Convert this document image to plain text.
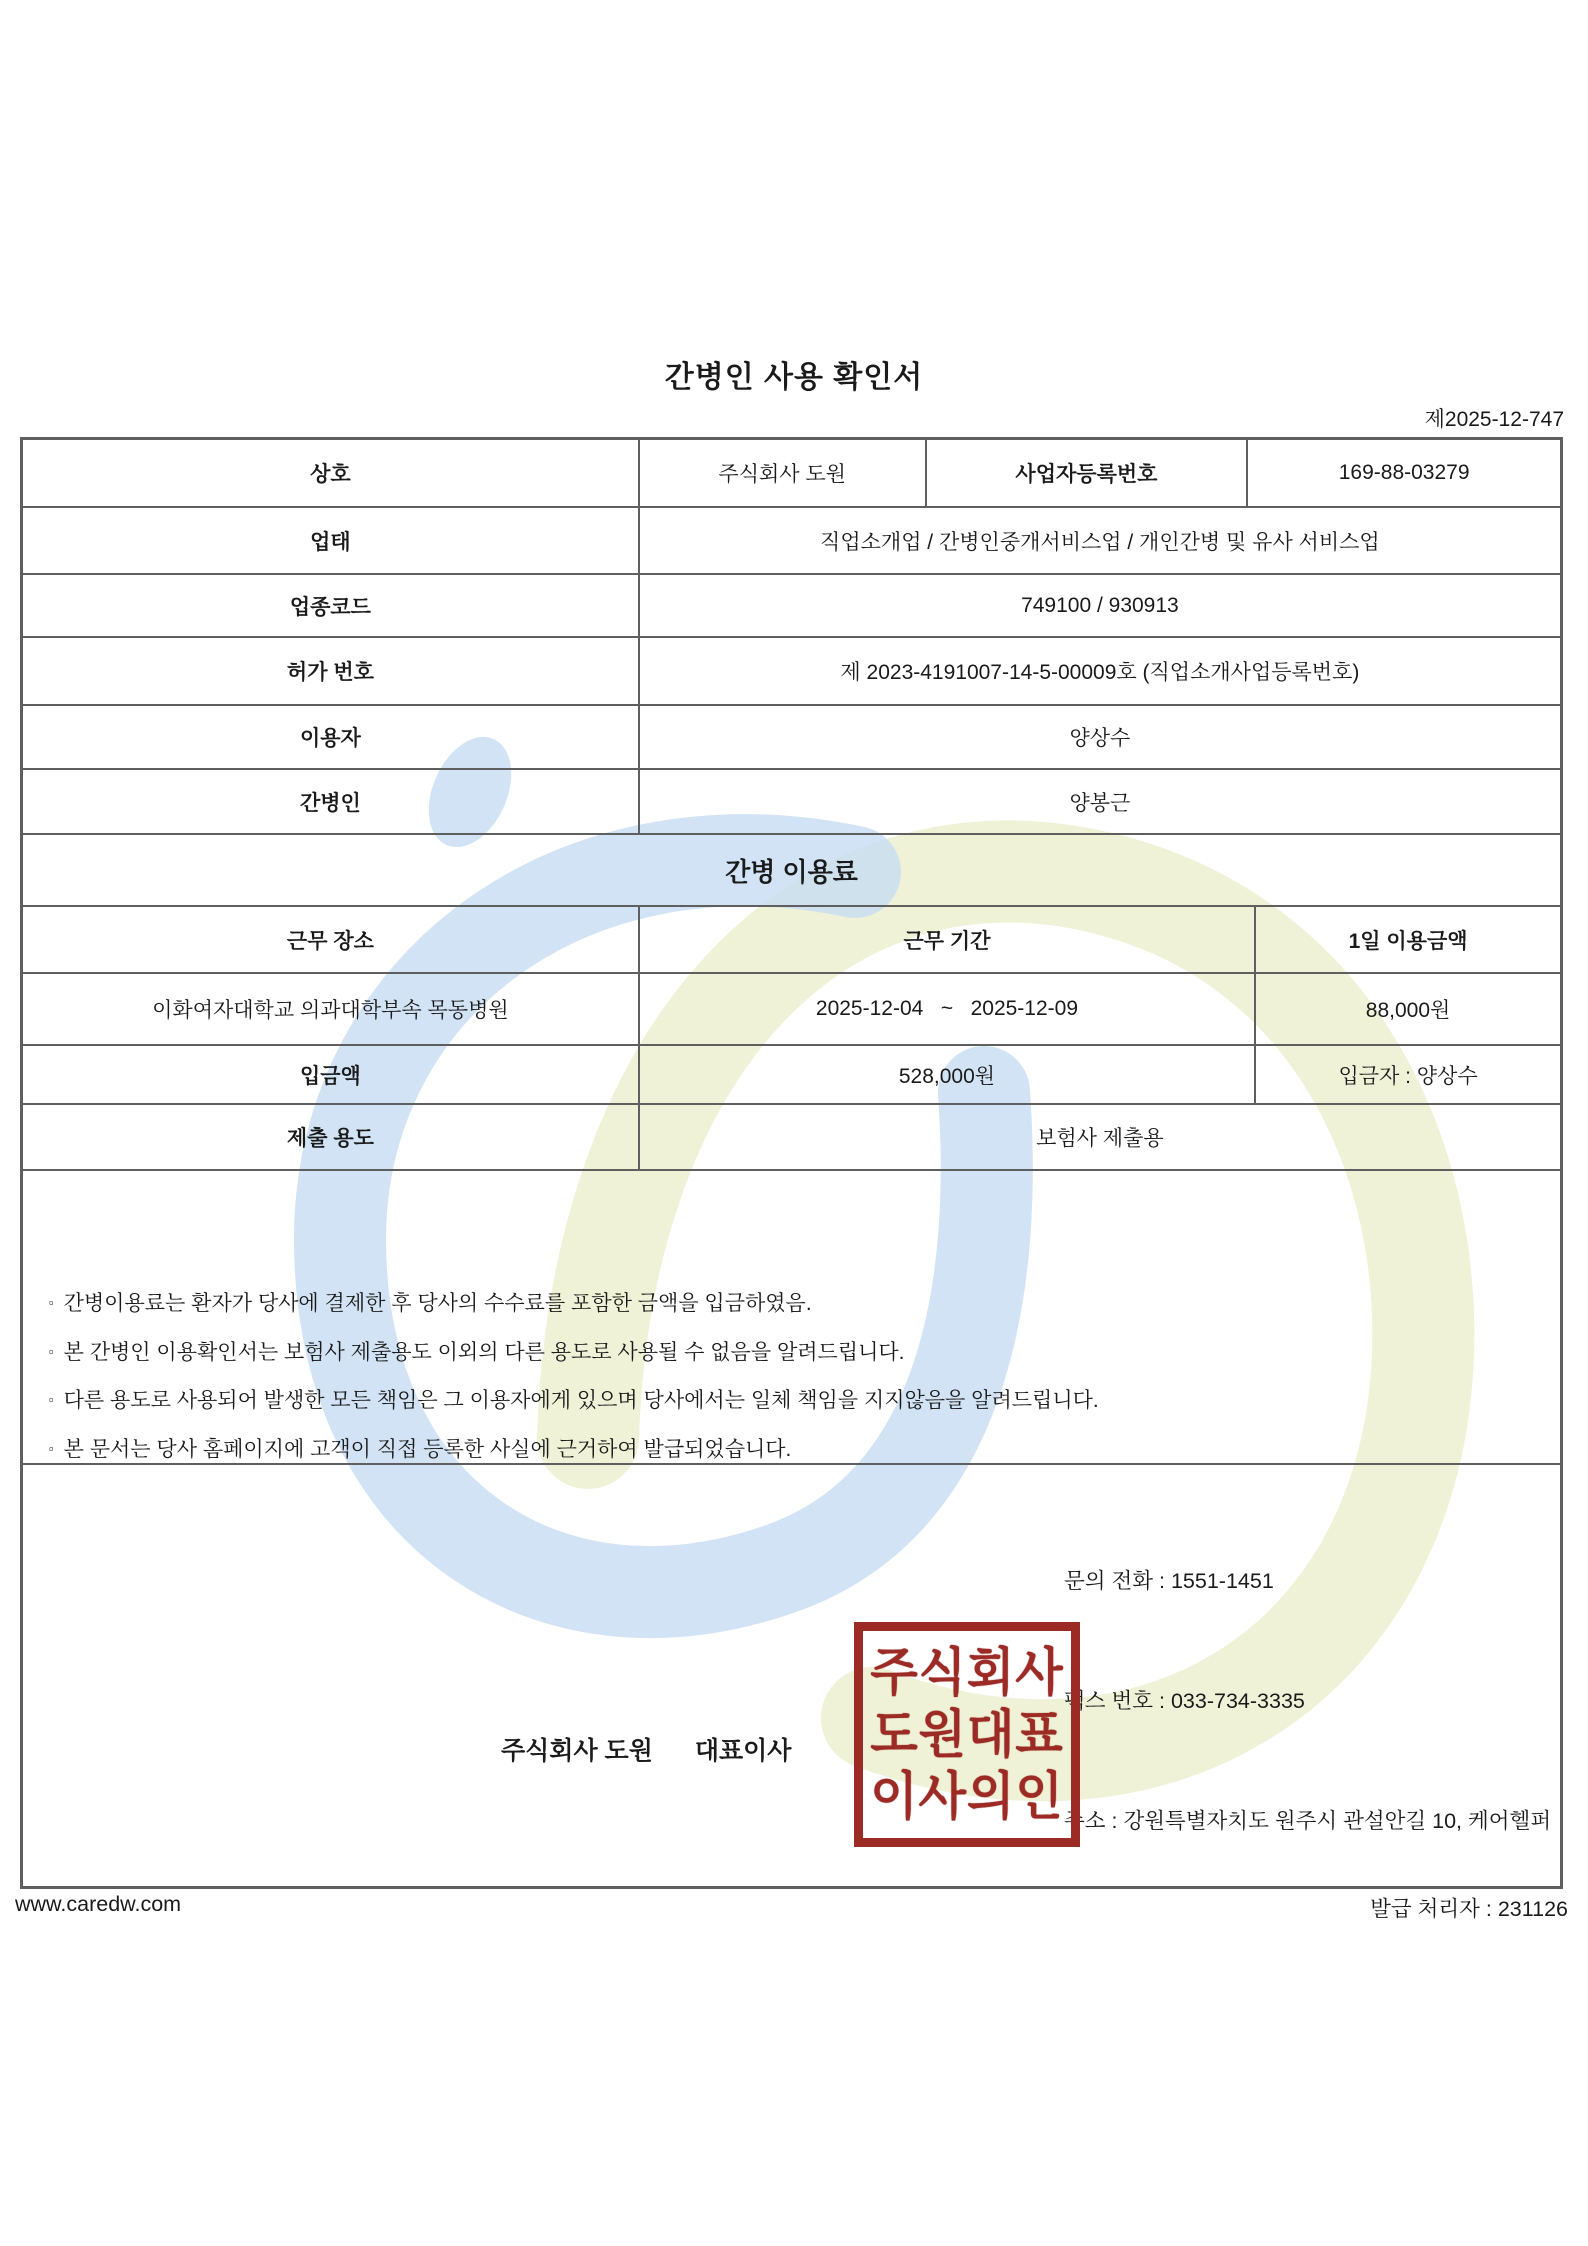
간병인 사용 확인서
제2025-12-747
상호	주식회사 도원	사업자등록번호	169-88-03279
업태	직업소개업 / 간병인중개서비스업 / 개인간병 및 유사 서비스업
업종코드	749100 / 930913
허가 번호	제 2023-4191007-14-5-00009호 (직업소개사업등록번호)
이용자	양상수
간병인	양봉근
간병 이용료
근무 장소	근무 기간	1일 이용금액
이화여자대학교 의과대학부속 목동병원	2025-12-04   ~   2025-12-09	88,000원
입금액	528,000원	입금자 : 양상수
제출 용도	보험사 제출용
▫ 간병이용료는 환자가 당사에 결제한 후 당사의 수수료를 포함한 금액을 입금하였음.
▫ 본 간병인 이용확인서는 보험사 제출용도 이외의 다른 용도로 사용될 수 없음을 알려드립니다.
▫ 다른 용도로 사용되어 발생한 모든 책임은 그 이용자에게 있으며 당사에서는 일체 책임을 지지않음을 알려드립니다.
▫ 본 문서는 당사 홈페이지에 고객이 직접 등록한 사실에 근거하여 발급되었습니다.

문의 전화 : 1551-1451

팩스 번호 : 033-734-3335

주소 : 강원특별자치도 원주시 관설안길 10, 케어헬퍼

주식회사 도원 대표이사
주식회사
도원대표
이사의인
www.caredw.com	발급 처리자 : 231126
